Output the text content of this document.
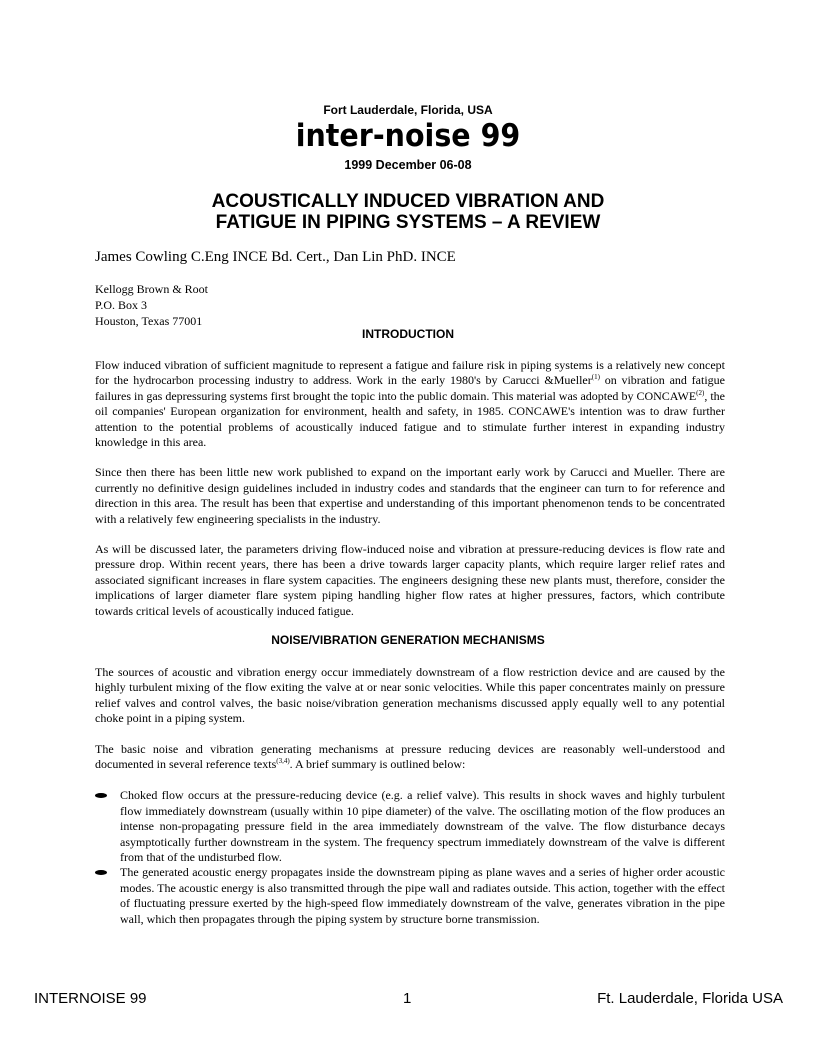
Fort Lauderdale, Florida, USA
inter-noise 99
1999 December 06-08
ACOUSTICALLY INDUCED VIBRATION AND
FATIGUE IN PIPING SYSTEMS – A REVIEW
James Cowling C.Eng INCE Bd. Cert., Dan Lin PhD. INCE
Kellogg Brown & Root
P.O. Box 3
Houston, Texas 77001
INTRODUCTION

Flow induced vibration of sufficient magnitude to represent a fatigue and failure risk in piping systems is a relatively new concept for the hydrocarbon processing industry to address. Work in the early 1980's by Carucci &Mueller$^{(1)}$ on vibration and fatigue failures in gas depressuring systems first brought the topic into the public domain. This material was adopted by CONCAWE$^{(2)}$, the oil companies' European organization for environment, health and safety, in 1985. CONCAWE's intention was to draw further attention to the potential problems of acoustically induced fatigue and to stimulate further interest in expanding industry knowledge in this area.

Since then there has been little new work published to expand on the important early work by Carucci and Mueller. There are currently no definitive design guidelines included in industry codes and standards that the engineer can turn to for reference and direction in this area. The result has been that expertise and understanding of this important phenomenon tends to be concentrated with a relatively few engineering specialists in the industry.

As will be discussed later, the parameters driving flow-induced noise and vibration at pressure-reducing devices is flow rate and pressure drop. Within recent years, there has been a drive towards larger capacity plants, which require larger relief rates and associated significant increases in flare system capacities. The engineers designing these new plants must, therefore, consider the implications of larger diameter flare system piping handling higher flow rates at higher pressures, factors, which contribute towards critical levels of acoustically induced fatigue.

NOISE/VIBRATION GENERATION MECHANISMS

The sources of acoustic and vibration energy occur immediately downstream of a flow restriction device and are caused by the highly turbulent mixing of the flow exiting the valve at or near sonic velocities. While this paper concentrates mainly on pressure relief valves and control valves, the basic noise/vibration generation mechanisms discussed apply equally well to any potential choke point in a piping system.

The basic noise and vibration generating mechanisms at pressure reducing devices are reasonably well-understood and documented in several reference texts$^{(3,4)}$. A brief summary is outlined below:

Choked flow occurs at the pressure-reducing device (e.g. a relief valve). This results in shock waves and highly turbulent flow immediately downstream (usually within 10 pipe diameter) of the valve. The oscillating motion of the flow produces an intense non-propagating pressure field in the area immediately downstream of the valve. The flow disturbance decays asymptotically further downstream in the system. The frequency spectrum immediately downstream of the valve is different from that of the undisturbed flow.
The generated acoustic energy propagates inside the downstream piping as plane waves and a series of higher order acoustic modes. The acoustic energy is also transmitted through the pipe wall and radiates outside. This action, together with the effect of fluctuating pressure exerted by the high-speed flow immediately downstream of the valve, generates vibration in the pipe wall, which then propagates through the piping system by structure borne transmission.
INTERNOISE 99	1	Ft. Lauderdale, Florida USA
